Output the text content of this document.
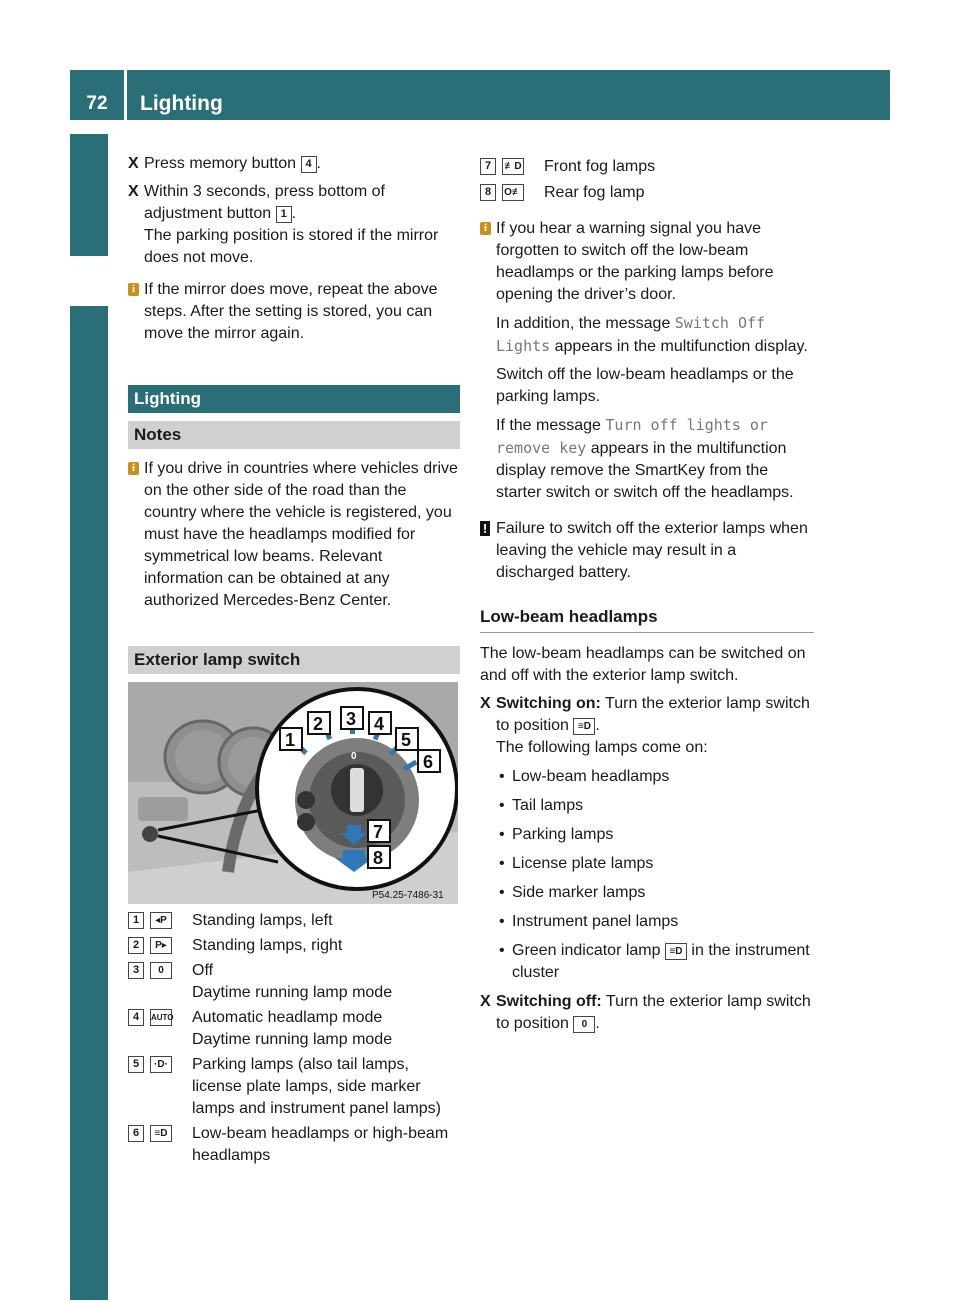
72	Lighting
Controls in detail
X Press memory button 4 .
X Within 3 seconds, press bottom of adjustment button 1 .
The parking position is stored if the mirror does not move.
i If the mirror does move, repeat the above steps. After the setting is stored, you can move the mirror again.
Lighting
Notes
i If you drive in countries where vehicles drive on the other side of the road than the country where the vehicle is registered, you must have the headlamps modified for symmetrical low beams. Relevant information can be obtained at any authorized Mercedes-Benz Center.
Exterior lamp switch
0
1
2 3 4
5
6
7
8
P54.25-7486-31
1	◂P	Standing lamps, left
2	P▸	Standing lamps, right
3	0	Off
Daytime running lamp mode
4	AUTO Automatic headlamp mode
Daytime running lamp mode
5	·D· Parking lamps (also tail lamps, license plate lamps, side marker lamps and instrument panel lamps)
6	≡D Low-beam headlamps or high-beam headlamps
7	≢D Front fog lamps
8	O≢ Rear fog lamp
i If you hear a warning signal you have forgotten to switch off the low-beam headlamps or the parking lamps before opening the driver’s door.
In addition, the message Switch Off Lights appears in the multifunction display.
Switch off the low-beam headlamps or the parking lamps.
If the message Turn off lights or remove key appears in the multifunction display remove the SmartKey from the starter switch or switch off the headlamps.
! Failure to switch off the exterior lamps when leaving the vehicle may result in a discharged battery.
Low-beam headlamps
The low-beam headlamps can be switched on and off with the exterior lamp switch.
X Switching on: Turn the exterior lamp switch to position ≡D .
The following lamps come on:
• Low-beam headlamps
• Tail lamps
• Parking lamps
• License plate lamps
• Side marker lamps
• Instrument panel lamps
• Green indicator lamp ≡D in the instrument cluster
X Switching off: Turn the exterior lamp switch to position 0 .
